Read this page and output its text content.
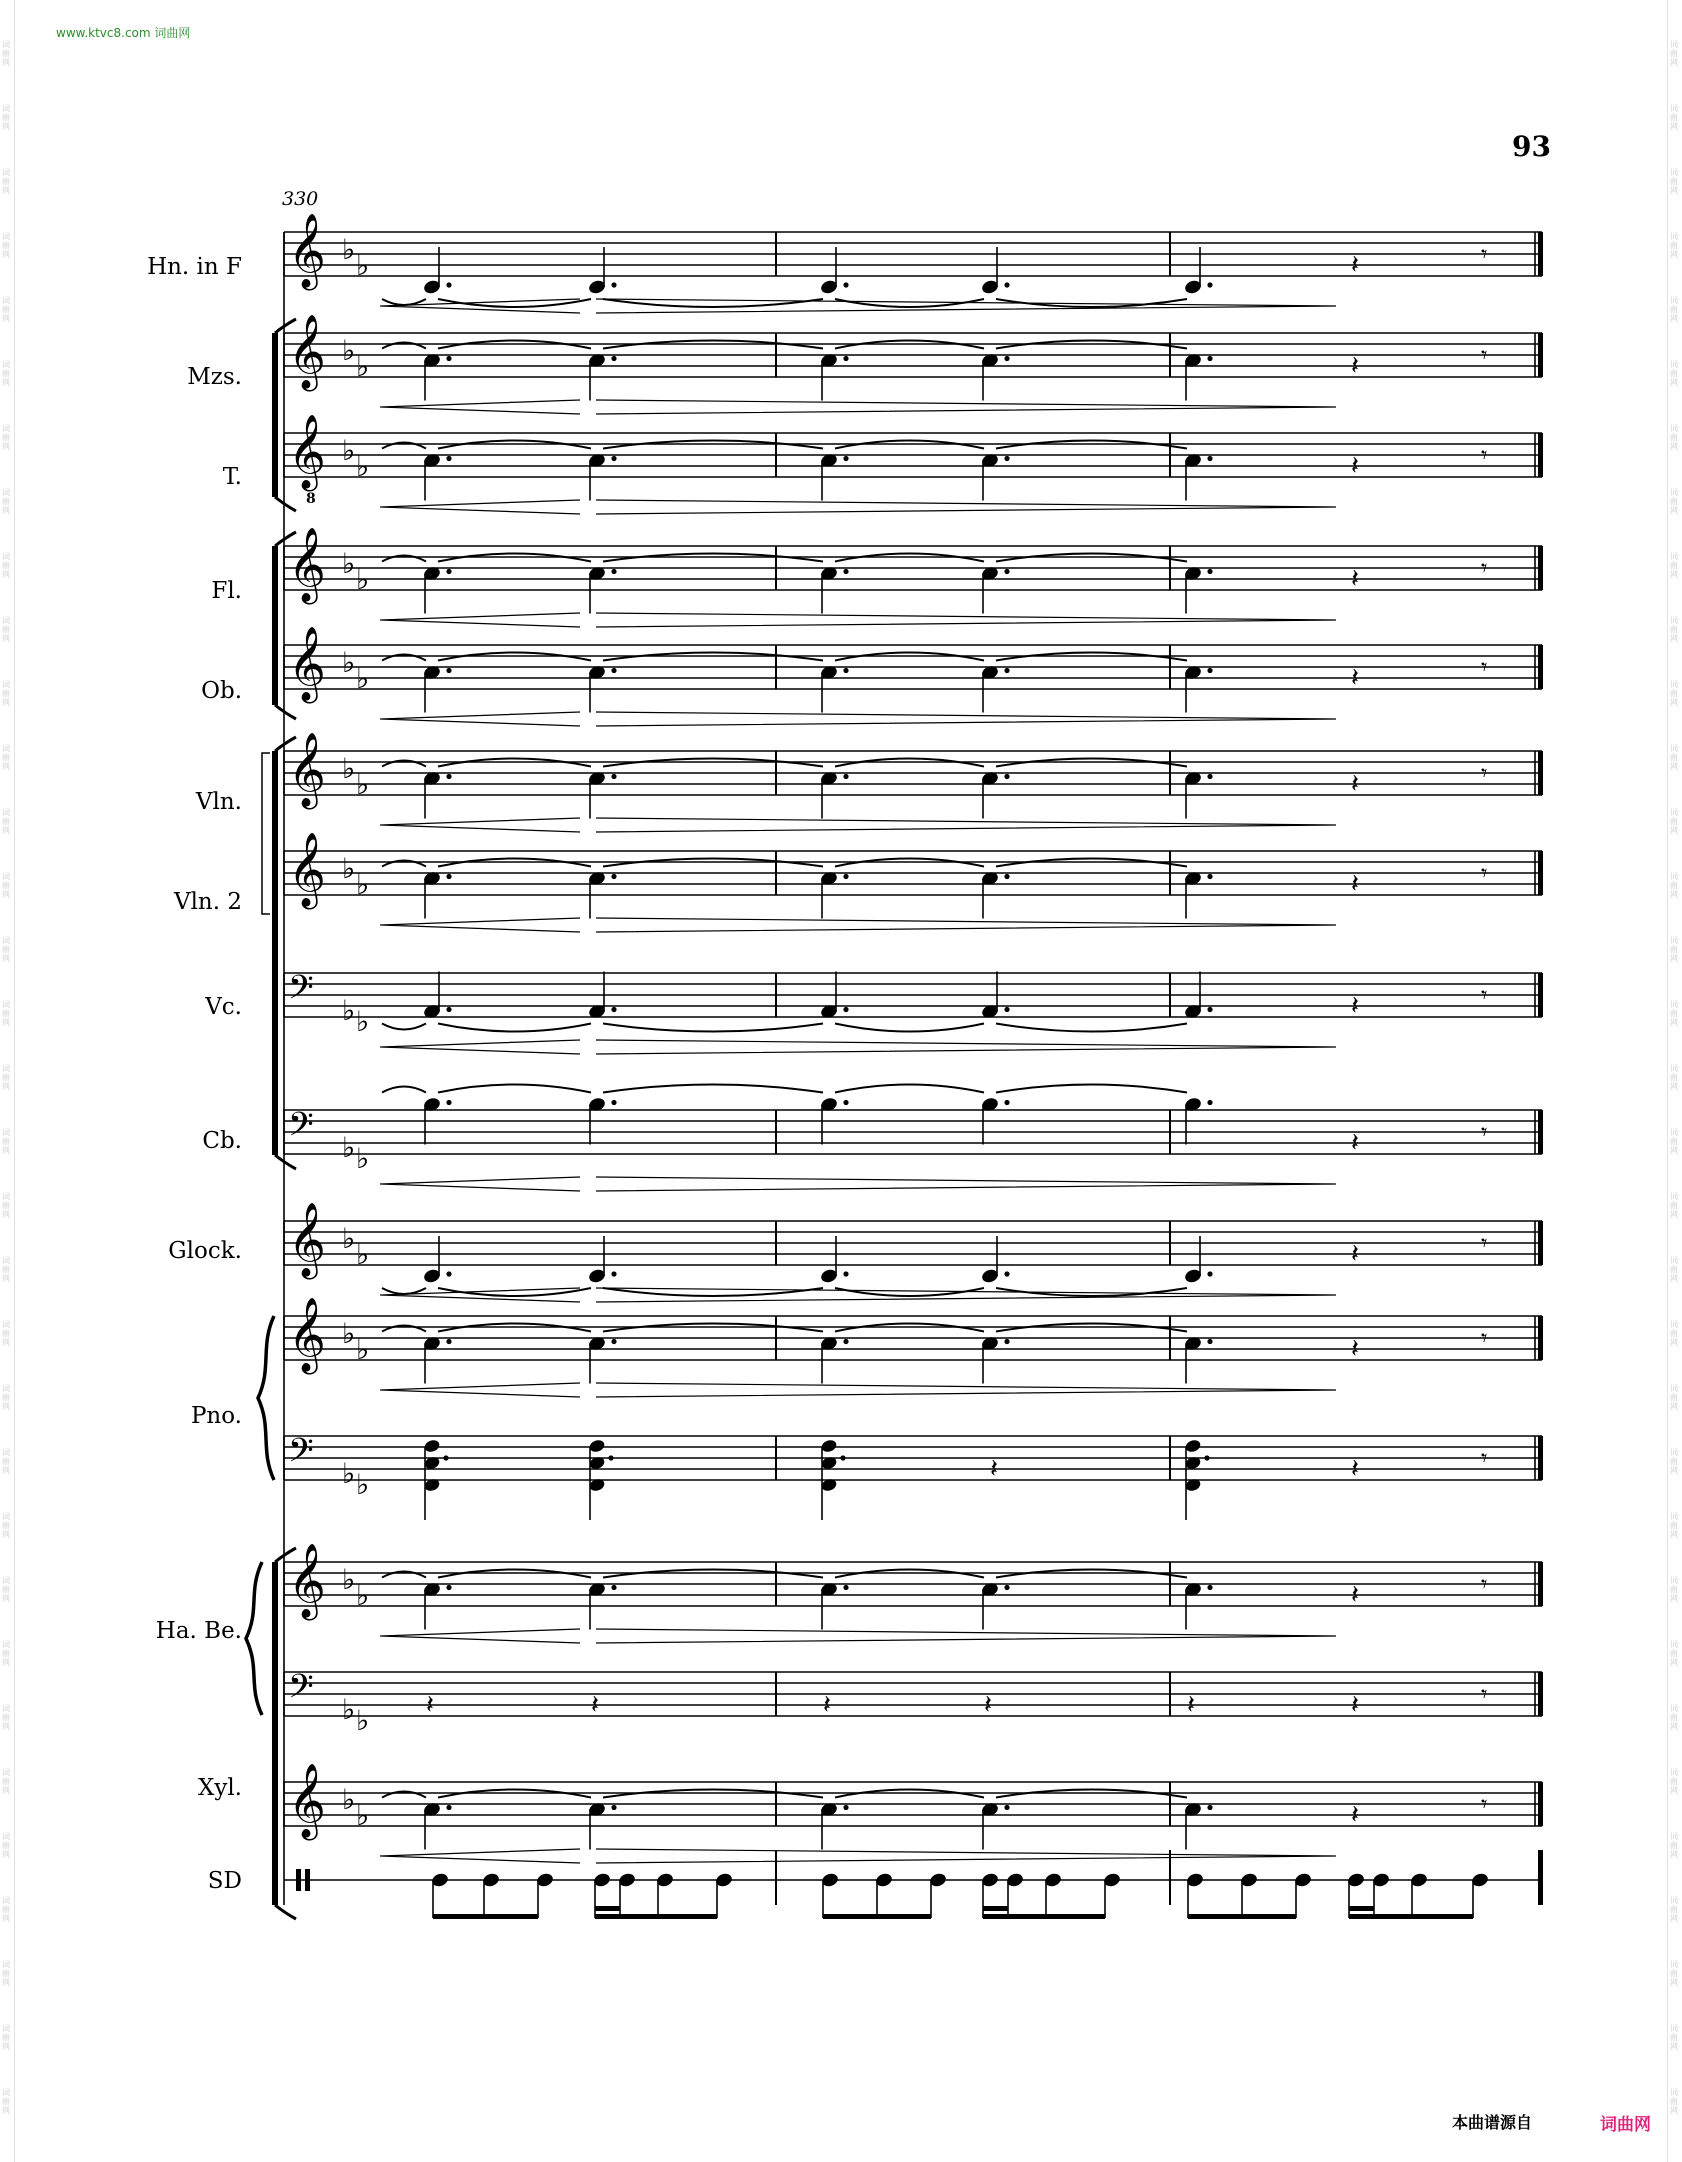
词曲网
词曲网
词曲网
词曲网
词曲网
词曲网
词曲网
词曲网
词曲网
词曲网
词曲网
词曲网
词曲网
词曲网
词曲网
词曲网
词曲网
词曲网
词曲网
词曲网
词曲网
词曲网
词曲网
词曲网
词曲网
词曲网
词曲网
词曲网
词曲网
词曲网
词曲网
词曲网
词曲网
词曲网
词曲网
词曲网
词曲网
词曲网
词曲网
词曲网
词曲网
词曲网
词曲网
词曲网
词曲网
词曲网
词曲网
词曲网
词曲网
词曲网
词曲网
词曲网
词曲网
词曲网
词曲网
词曲网
词曲网
词曲网
词曲网
词曲网
词曲网
词曲网
词曲网
词曲网
词曲网
词曲网
www.ktvc8.com 词曲网
93
330
𝄞 ♭ ♭
Hn. in F	𝄽	𝄾
𝄞 ♭ ♭
Mzs.	𝄽	𝄾
𝄞
8
♭ ♭
T.	𝄽	𝄾
𝄞 ♭ ♭
Fl.	𝄽	𝄾
𝄞 ♭ ♭
Ob.	𝄽	𝄾
𝄞 ♭ ♭
Vln.
𝄽	𝄾
𝄞 ♭ ♭
Vln. 2
𝄽	𝄾
𝄢 ♭ ♭
Vc.	𝄽	𝄾
𝄢 ♭ ♭
Cb.	𝄽	𝄾
𝄞 ♭ ♭
Glock.	𝄽	𝄾
𝄞 ♭ ♭
Pno.
𝄽	𝄾
𝄢 ♭ ♭	𝄽	𝄽	𝄾
𝄞 ♭ ♭
Ha. Be.
𝄽	𝄾
𝄢 ♭ ♭ 𝄽	𝄽	𝄽	𝄽	𝄽	𝄽	𝄾
𝄞 ♭ ♭
Xyl.
𝄽	𝄾
SD
本曲谱源自	词曲网
